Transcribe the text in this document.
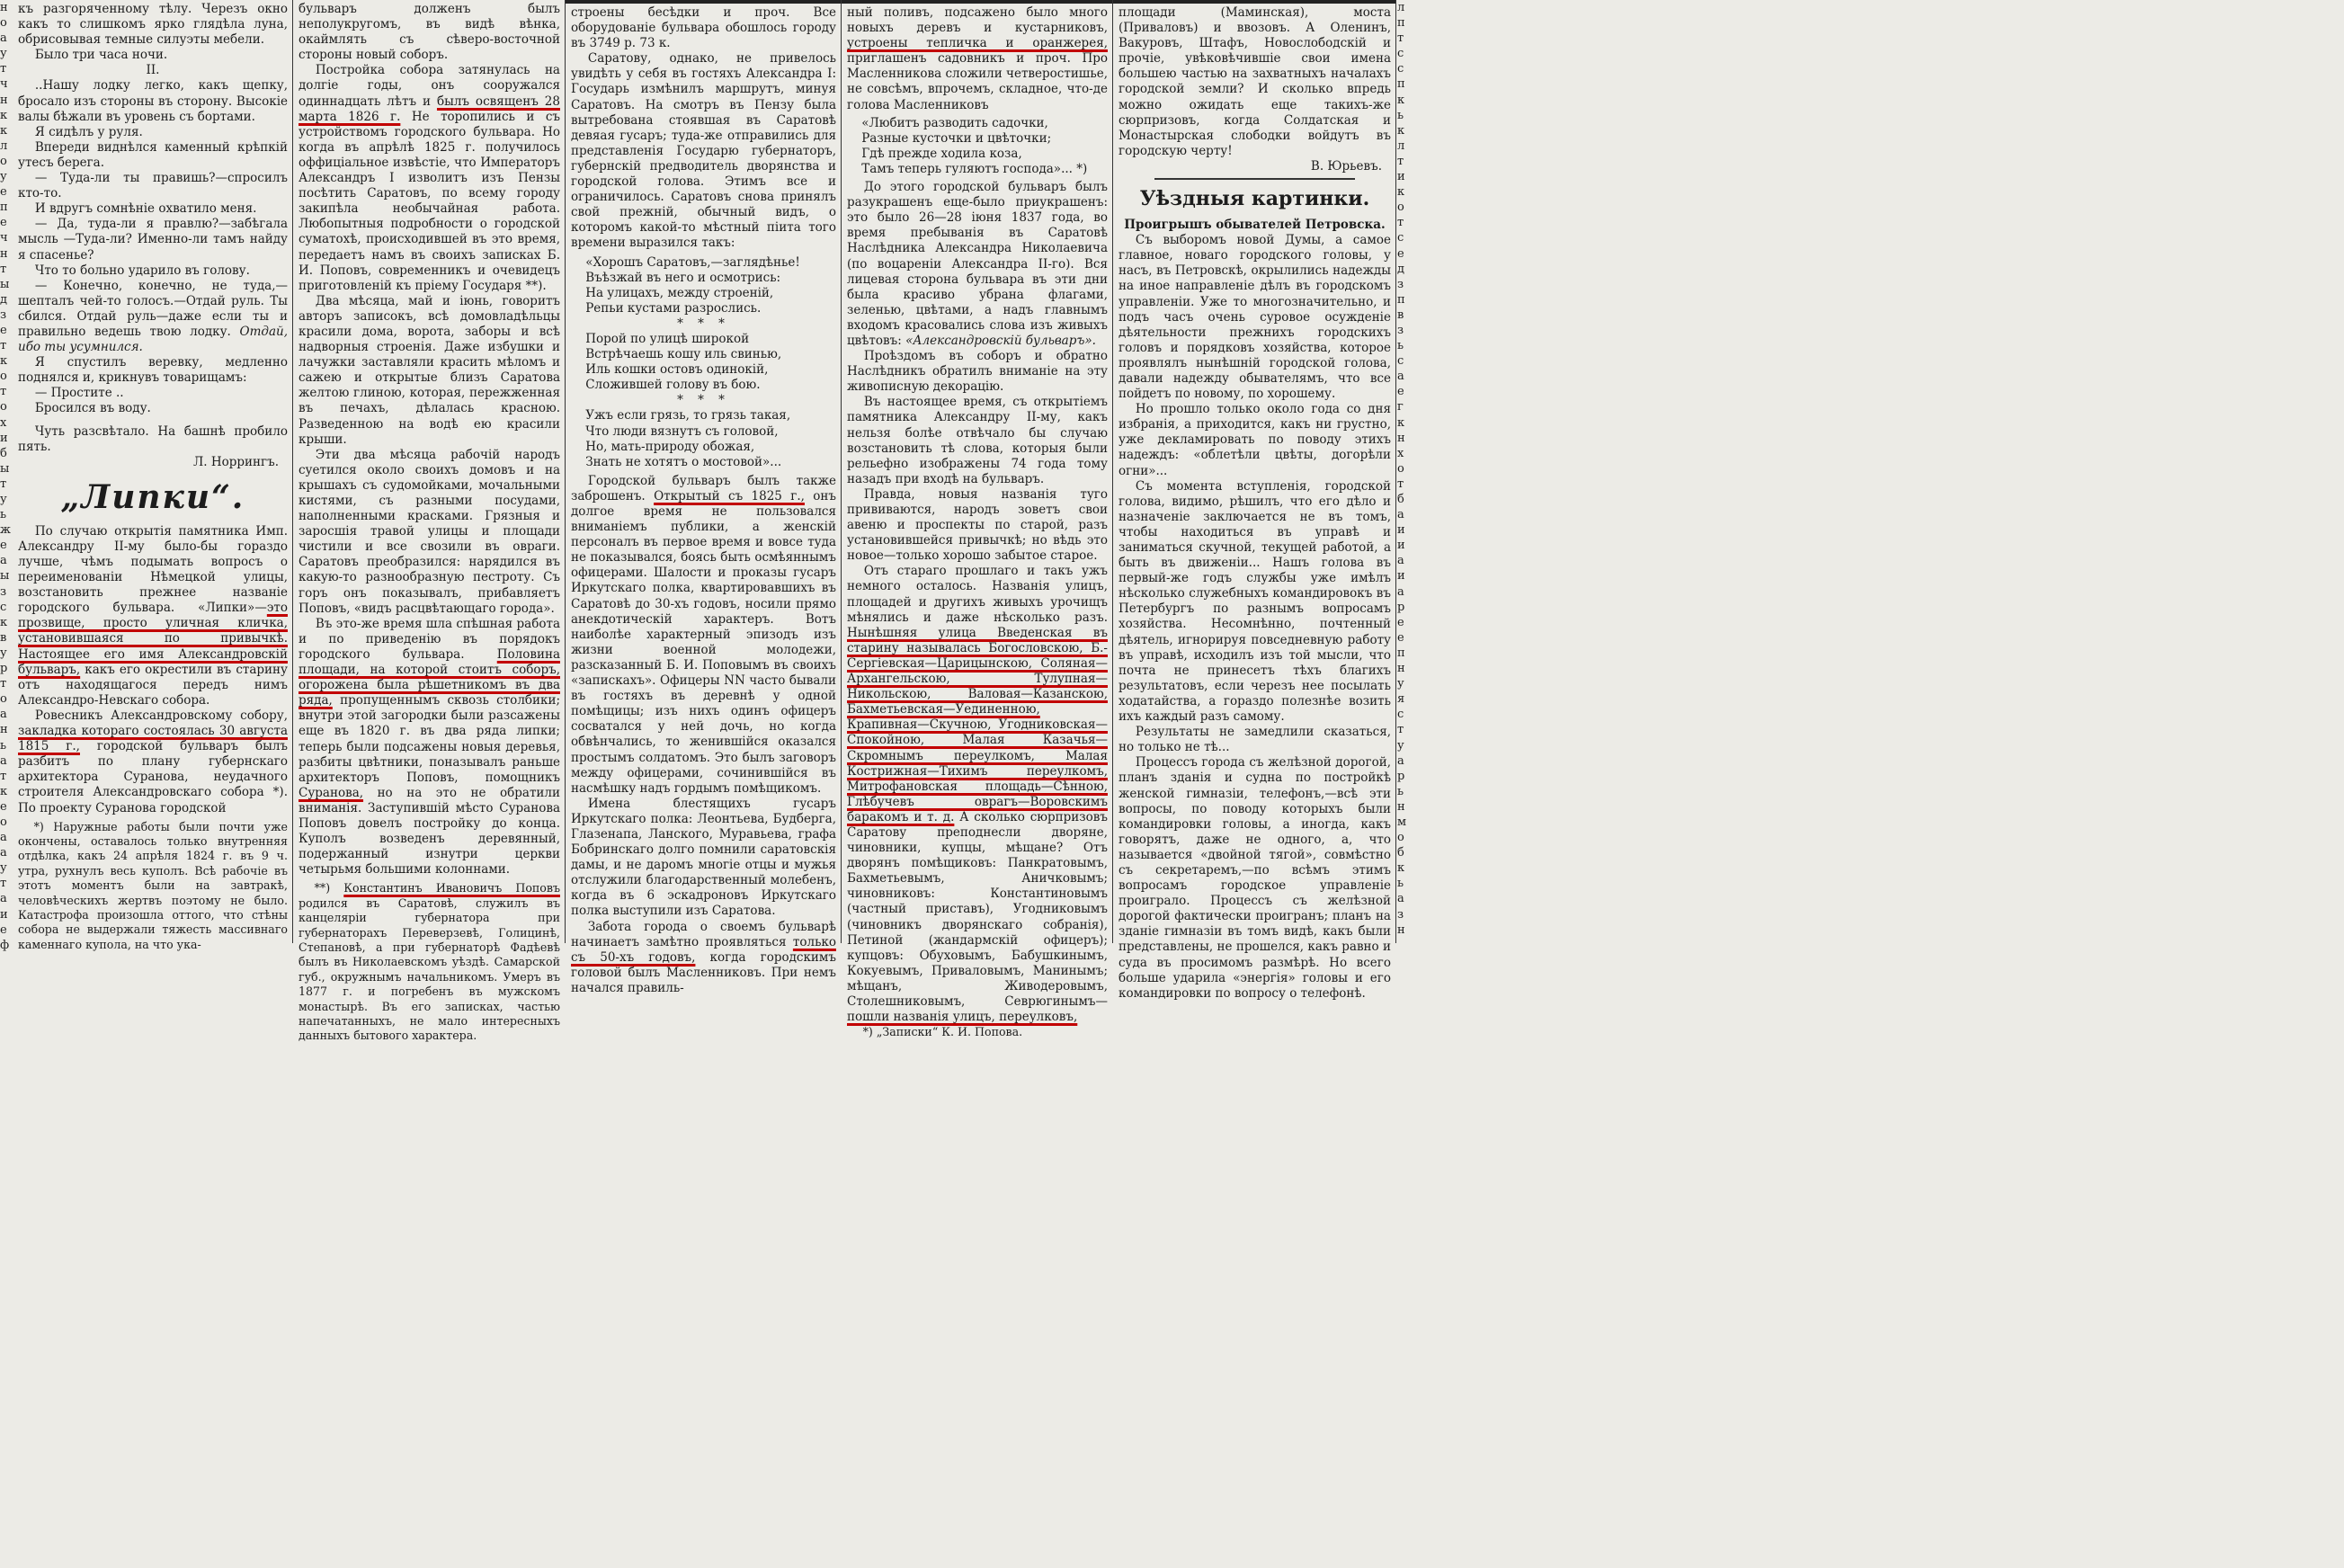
н
о
а
у
т
ч
н
к
к
л
о
у
е
п
е
ч
н
т
ы
д
з
е
т
к
о
т
о
х
и
б
ы
т
у
ь
ж
е
а
ы
з
с
к
в
у
р
т
о
а
н
ь
а
т
к
е
о
а
а
у
т
а
и
е
ф

къ разгоряченному тѣлу. Черезъ окно какъ то слишкомъ ярко глядѣла луна, обрисовывая темные силуэты мебели.

Было три часа ночи.

II.

..Нашу лодку легко, какъ щепку, бросало изъ стороны въ сторону. Высокіе валы бѣжали въ уровень съ бортами.

Я сидѣлъ у руля.

Впереди виднѣлся каменный крѣпкій утесъ берега.

— Туда-ли ты правишь?—спросилъ кто-то.

И вдругъ сомнѣніе охватило меня.

— Да, туда-ли я правлю?—забѣгала мысль —Туда-ли? Именно-ли тамъ найду я спасенье?

Что то больно ударило въ голову.

— Конечно, конечно, не туда,— шепталъ чей-то голосъ.—Отдай руль. Ты сбился. Отдай руль—даже если ты и правильно ведешь твою лодку. Отдай, ибо ты усумнился.

Я спустилъ веревку, медленно поднялся и, крикнувъ товарищамъ:

— Простите ..

Бросился въ воду.

Чуть разсвѣтало. На башнѣ пробило пять.

Л. Норрингъ.

„Липки“.

По случаю открытія памятника Имп. Александру II-му было-бы гораздо лучше, чѣмъ подымать вопросъ о переименованіи Нѣмецкой улицы, возстановить прежнее названіе городского бульвара. «Липки»—это прозвище, просто уличная кличка, установившаяся по привычкѣ. Настоящее его имя Александровскій бульваръ, какъ его окрестили въ старину отъ находящагося передъ нимъ Александро-Невскаго собора.

Ровесникъ Александровскому собору, закладка котораго состоялась 30 августа 1815 г., городской бульваръ былъ разбитъ по плану губернскаго архитектора Суранова, неудачного строителя Александровскаго собора *). По проекту Суранова городской

*) Наружные работы были почти уже окончены, оставалось только внутренняя отдѣлка, какъ 24 апрѣля 1824 г. въ 9 ч. утра, рухнулъ весь куполъ. Всѣ рабочіе въ этотъ моментъ были на завтракѣ, человѣческихъ жертвъ поэтому не было. Катастрофа произошла оттого, что стѣны собора не выдержали тяжесть массивнаго каменнаго купола, на что ука-

бульваръ долженъ былъ неполукругомъ, въ видѣ вѣнка, окаймлять съ сѣверо-восточной стороны новый соборъ.

Постройка собора затянулась на долгіе годы, онъ сооружался одиннадцать лѣтъ и былъ освященъ 28 марта 1826 г. Не торопились и съ устройствомъ городского бульвара. Но когда въ апрѣлѣ 1825 г. получилось оффиціальное извѣстіе, что Императоръ Александръ I изволитъ изъ Пензы посѣтить Саратовъ, по всему городу закипѣла необычайная работа. Любопытныя подробности о городской суматохѣ, происходившей въ это время, передаетъ намъ въ своихъ записках Б. И. Поповъ, современникъ и очевидецъ приготовленій къ пріему Государя **).

Два мѣсяца, май и іюнь, говоритъ авторъ записокъ, всѣ домовладѣльцы красили дома, ворота, заборы и всѣ надворныя строенія. Даже избушки и лачужки заставляли красить мѣломъ и сажею и открытые близъ Саратова желтою глиною, которая, пережженная въ печахъ, дѣлалась красною. Разведенною на водѣ ею красили крыши.

Эти два мѣсяца рабочій народъ суетился около своихъ домовъ и на крышахъ съ судомойками, мочальными кистями, съ разными посудами, наполненными красками. Грязныя и заросшія травой улицы и площади чистили и все свозили въ овраги. Саратовъ преобразился: нарядился въ какую-то разнообразную пестроту. Съ горъ онъ показывалъ, прибавляетъ Поповъ, «видъ расцвѣтающаго города».

Въ это-же время шла спѣшная работа и по приведенію въ порядокъ городского бульвара. Половина площади, на которой стоитъ соборъ, огорожена была рѣшетникомъ въ два ряда, пропущеннымъ сквозь столбики; внутри этой загородки были разсажены еще въ 1820 г. въ два ряда липки; теперь были подсажены новыя деревья, разбиты цвѣтники, поназывалъ раньше архитекторъ Поповъ, помощникъ Суранова, но на это не обратили вниманія. Заступившій мѣсто Суранова Поповъ довелъ постройку до конца. Куполъ возведенъ деревянный, подержанный изнутри церкви четырьмя большими колоннами.

**) Константинъ Ивановичъ Поповъ родился въ Саратовѣ, служилъ въ канцеляріи губернатора при губернаторахъ Переверзевѣ, Голицинѣ, Степановѣ, а при губернаторѣ Фадѣевѣ былъ въ Николаевскомъ уѣздѣ. Самарской губ., окружнымъ начальникомъ. Умеръ въ 1877 г. и погребенъ въ мужскомъ монастырѣ. Въ его записках, частью напечатанныхъ, не мало интересныхъ данныхъ бытового характера.

строены бесѣдки и проч. Все оборудованіе бульвара обошлось городу въ 3749 р. 73 к.

Саратову, однако, не привелось увидѣть у себя въ гостяхъ Александра I: Государь измѣнилъ маршрутъ, минуя Саратовъ. На смотръ въ Пензу была вытребована стоявшая въ Саратовѣ девяая гусаръ; туда-же отправились для представленія Государю губернаторъ, губернскій предводитель дворянства и городской голова. Этимъ все и ограничилось. Саратовъ снова принялъ свой прежній, обычный видъ, о которомъ какой-то мѣстный піита того времени выразился такъ:

«Хорошъ Саратовъ,—заглядѣнье!

Въѣзжай въ него и осмотрись:

На улицахъ, между строеній,

Репьи кустами разрослись.

* * *

Порой по улицѣ широкой

Встрѣчаешь кошу иль свинью,

Иль кошки остовъ одинокій,

Сложившей голову въ бою.

* * *

Ужъ если грязь, то грязь такая,

Что люди вязнутъ съ головой,

Но, мать-природу обожая,

Знать не хотятъ о мостовой»...

Городской бульваръ былъ также заброшенъ. Открытый съ 1825 г., онъ долгое время не пользовался вниманіемъ публики, а женскій персоналъ въ первое время и вовсе туда не показывался, боясь быть осмѣяннымъ офицерами. Шалости и проказы гусаръ Иркутскаго полка, квартировавшихъ въ Саратовѣ до 30-хъ годовъ, носили прямо анекдотическій характеръ. Вотъ наиболѣе характерный эпизодъ изъ жизни военной молодежи, разсказанный Б. И. Поповымъ въ своихъ «запискахъ». Офицеры NN часто бывали въ гостяхъ въ деревнѣ у одной помѣщицы; изъ нихъ одинъ офицеръ сосватался у ней дочь, но когда обвѣнчались, то женившійся оказался простымъ солдатомъ. Это былъ заговоръ между офицерами, сочинившійся въ насмѣшку надъ гордымъ помѣщикомъ.

Имена блестящихъ гусаръ Иркутскаго полка: Леонтьева, Будберга, Глазенапа, Ланского, Муравьева, графа Бобринскаго долго помнили саратовскія дамы, и не даромъ многіе отцы и мужья отслужили благодарственный молебенъ, когда въ 6 эскадроновъ Иркутскаго полка выступили изъ Саратова.

Забота города о своемъ бульварѣ начинаетъ замѣтно проявляться только съ 50-хъ годовъ, когда городскимъ головой былъ Масленниковъ. При немъ начался правиль-

ный поливъ, подсажено было много новыхъ деревъ и кустарниковъ, устроены тепличка и оранжерея, приглашенъ садовникъ и проч. Про Масленникова сложили четверостишье, не совсѣмъ, впрочемъ, складное, что-де голова Масленниковъ

«Любитъ разводить садочки,

Разные кусточки и цвѣточки;

Гдѣ прежде ходила коза,

Тамъ теперь гуляютъ господа»... *)

До этого городской бульваръ былъ разукрашенъ еще-было приукрашенъ: это было 26—28 іюня 1837 года, во время пребыванія въ Саратовѣ Наслѣдника Александра Николаевича (по воцареніи Александра II-го). Вся лицевая сторона бульвара въ эти дни была красиво убрана флагами, зеленью, цвѣтами, а надъ главнымъ входомъ красовались слова изъ живыхъ цвѣтовъ: «Александровскій бульваръ».

Проѣздомъ въ соборъ и обратно Наслѣдникъ обратилъ вниманіе на эту живописную декорацію.

Въ настоящее время, съ открытіемъ памятника Александру II-му, какъ нельзя болѣе отвѣчало бы случаю возстановить тѣ слова, которыя были рельефно изображены 74 года тому назадъ при входѣ на бульваръ.

Правда, новыя названія туго прививаются, народъ зоветъ свои авеню и проспекты по старой, разъ установившейся привычкѣ; но вѣдь это новое—только хорошо забытое старое.

Отъ стараго прошлаго и такъ ужъ немного осталось. Названія улицъ, площадей и другихъ живыхъ урочищъ мѣнялись и даже нѣсколько разъ. Нынѣшняя улица Введенская въ старину называлась Богословскою, Б.-Сергіевская—Царицынскою, Соляная—Архангельскою, Тулупная—Никольскою, Валовая—Казанскою, Бахметьевская—Уединенною, Крапивная—Скучною, Угодниковская—Спокойною, Малая Казачья—Скромнымъ переулкомъ, Малая Кострижная—Тихимъ переулкомъ, Митрофановская площадь—Сѣнною, Глѣбучевъ оврагъ—Воровскимъ баракомъ и т. д. А сколько сюрпризовъ Саратову преподнесли дворяне, чиновники, купцы, мѣщане? Отъ дворянъ помѣщиковъ: Панкратовымъ, Бахметьевымъ, Аничковымъ; чиновниковъ: Константиновымъ (частный приставъ), Угодниковымъ (чиновникъ дворянскаго собранія), Петиной (жандармскій офицеръ); купцовъ: Обуховымъ, Бабушкинымъ, Кокуевымъ, Приваловымъ, Манинымъ; мѣщанъ, Живодеровымъ, Столешниковымъ, Севрюгинымъ—пошли названія улицъ, переулковъ,

*) „Записки“ К. И. Попова.

площади (Маминская), моста (Приваловъ) и ввозовъ. А Оленинъ, Вакуровъ, Штафъ, Новослободскій и прочіе, увѣковѣчившіе свои имена большею частью на захватныхъ началахъ городской земли? И сколько впредь можно ожидать еще такихъ-же сюрпризовъ, когда Солдатская и Монастырская слободки войдутъ въ городскую черту!

В. Юрьевъ.

Уѣздныя картинки.

Проигрышъ обывателей Петровска.

Съ выборомъ новой Думы, а самое главное, новаго городского головы, у насъ, въ Петровскѣ, окрылились надежды на иное направленіе дѣлъ въ городскомъ управленіи. Уже то многозначительно, и подъ часъ очень суровое осужденіе дѣятельности прежнихъ городскихъ головъ и порядковъ хозяйства, которое проявлялъ нынѣшній городской голова, давали надежду обывателямъ, что все пойдетъ по новому, по хорошему.

Но прошло только около года со дня избранія, а приходится, какъ ни грустно, уже декламировать по поводу этихъ надеждъ: «облетѣли цвѣты, догорѣли огни»...

Съ момента вступленія, городской голова, видимо, рѣшилъ, что его дѣло и назначеніе заключается не въ томъ, чтобы находиться въ управѣ и заниматься скучной, текущей работой, а быть въ движеніи... Нашъ голова въ первый-же годъ службы уже имѣлъ нѣсколько служебныхъ командировокъ въ Петербургъ по разнымъ вопросамъ хозяйства. Несомнѣнно, почтенный дѣятель, игнорируя повседневную работу въ управѣ, исходилъ изъ той мысли, что почта не принесетъ тѣхъ благихъ результатовъ, если черезъ нее посылать ходатайства, а гораздо полезнѣе возить ихъ каждый разъ самому.

Результаты не замедлили сказаться, но только не тѣ...

Процессъ города съ желѣзной дорогой, планъ зданія и судна по постройкѣ женской гимназіи, телефонъ,—всѣ эти вопросы, по поводу которыхъ были командировки головы, а иногда, какъ говорятъ, даже не одного, а, что называется «двойной тягой», совмѣстно съ секретаремъ,—по всѣмъ этимъ вопросамъ городское управленіе проиграло. Процессъ съ желѣзной дорогой фактически проигранъ; планъ на зданіе гимназіи въ томъ видѣ, какъ были представлены, не прошелся, какъ равно и суда въ просимомъ размѣрѣ. Но всего больше ударила «энергія» головы и его командировки по вопросу о телефонѣ.

л
п
т
с
с
п
к
ь
к
л
т
и
к
о
т
с
е
д
з
п
в
з
ь
с
а
е
г
к
н
х
о
т
б
а
и
и
а
и
а
р
е
е
п
н
у
я
с
т
у
а
р
ь
н
м
о
б
к
ь
а
з
н
